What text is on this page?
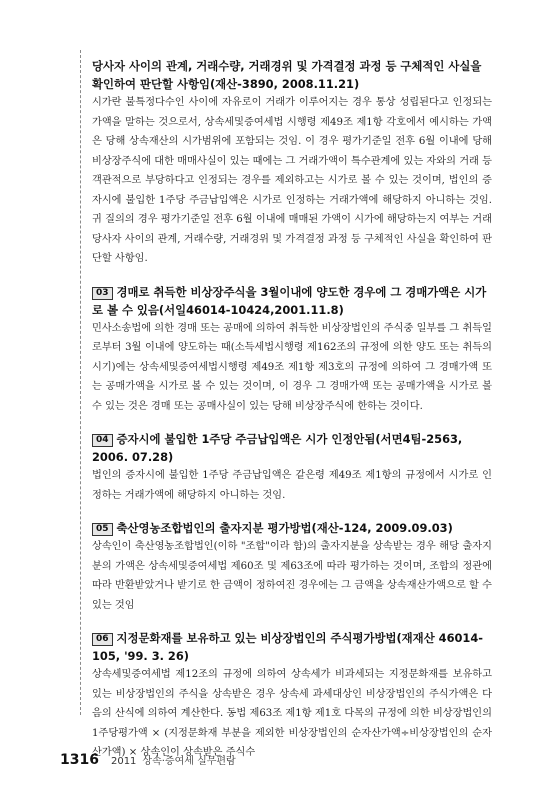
당사자 사이의 관계, 거래수량, 거래경위 및 가격결정 과정 등 구체적인 사실을 확인하여 판단할 사항임(재산-3890, 2008.11.21)

시가란 불특정다수인 사이에 자유로이 거래가 이루어지는 경우 통상 성립된다고 인정되는 가액을 말하는 것으로서, 상속세및증여세법 시행령 제49조 제1항 각호에서 예시하는 가액은 당해 상속재산의 시가범위에 포함되는 것임. 이 경우 평가기준일 전후 6월 이내에 당해 비상장주식에 대한 매매사실이 있는 때에는 그 거래가액이 특수관계에 있는 자와의 거래 등 객관적으로 부당하다고 인정되는 경우를 제외하고는 시가로 볼 수 있는 것이며, 법인의 증자시에 불입한 1주당 주금납입액은 시가로 인정하는 거래가액에 해당하지 아니하는 것임. 귀 질의의 경우 평가기준일 전후 6월 이내에 매매된 가액이 시가에 해당하는지 여부는 거래 당사자 사이의 관계, 거래수량, 거래경위 및 가격결정 과정 등 구체적인 사실을 확인하여 판단할 사항임.

03 경매로 취득한 비상장주식을 3월이내에 양도한 경우에 그 경매가액은 시가로 볼 수 있음(서일46014-10424,2001.11.8)

민사소송법에 의한 경매 또는 공매에 의하여 취득한 비상장법인의 주식중 일부를 그 취득일로부터 3월 이내에 양도하는 때(소득세법시행령 제162조의 규정에 의한 양도 또는 취득의 시기)에는 상속세및증여세법시행령 제49조 제1항 제3호의 규정에 의하여 그 경매가액 또는 공매가액을 시가로 볼 수 있는 것이며, 이 경우 그 경매가액 또는 공매가액을 시가로 볼 수 있는 것은 경매 또는 공매사실이 있는 당해 비상장주식에 한하는 것이다.

04 증자시에 불입한 1주당 주금납입액은 시가 인정안됨(서면4팀-2563, 2006. 07.28)

법인의 증자시에 불입한 1주당 주금납입액은 같은령 제49조 제1항의 규정에서 시가로 인정하는 거래가액에 해당하지 아니하는 것임.

05 축산영농조합법인의 출자지분 평가방법(재산-124, 2009.09.03)

상속인이 축산영농조합법인(이하 "조합"이라 함)의 출자지분을 상속받는 경우 해당 출자지분의 가액은 상속세및증여세법 제60조 및 제63조에 따라 평가하는 것이며, 조합의 정관에 따라 반환받았거나 받기로 한 금액이 정하여진 경우에는 그 금액을 상속재산가액으로 할 수 있는 것임

06 지정문화재를 보유하고 있는 비상장법인의 주식평가방법(재재산 46014-105, '99. 3. 26)

상속세및증여세법 제12조의 규정에 의하여 상속세가 비과세되는 지정문화재를 보유하고 있는 비상장법인의 주식을 상속받은 경우 상속세 과세대상인 비상장법인의 주식가액은 다음의 산식에 의하여 계산한다. 동법 제63조 제1항 제1호 다목의 규정에 의한 비상장법인의 1주당평가액 × (지정문화재 부분을 제외한 비상장법인의 순자산가액÷비상장법인의 순자산가액) × 상속인이 상속받은 주식수

1316 2011 상속·증여세 실무편람
